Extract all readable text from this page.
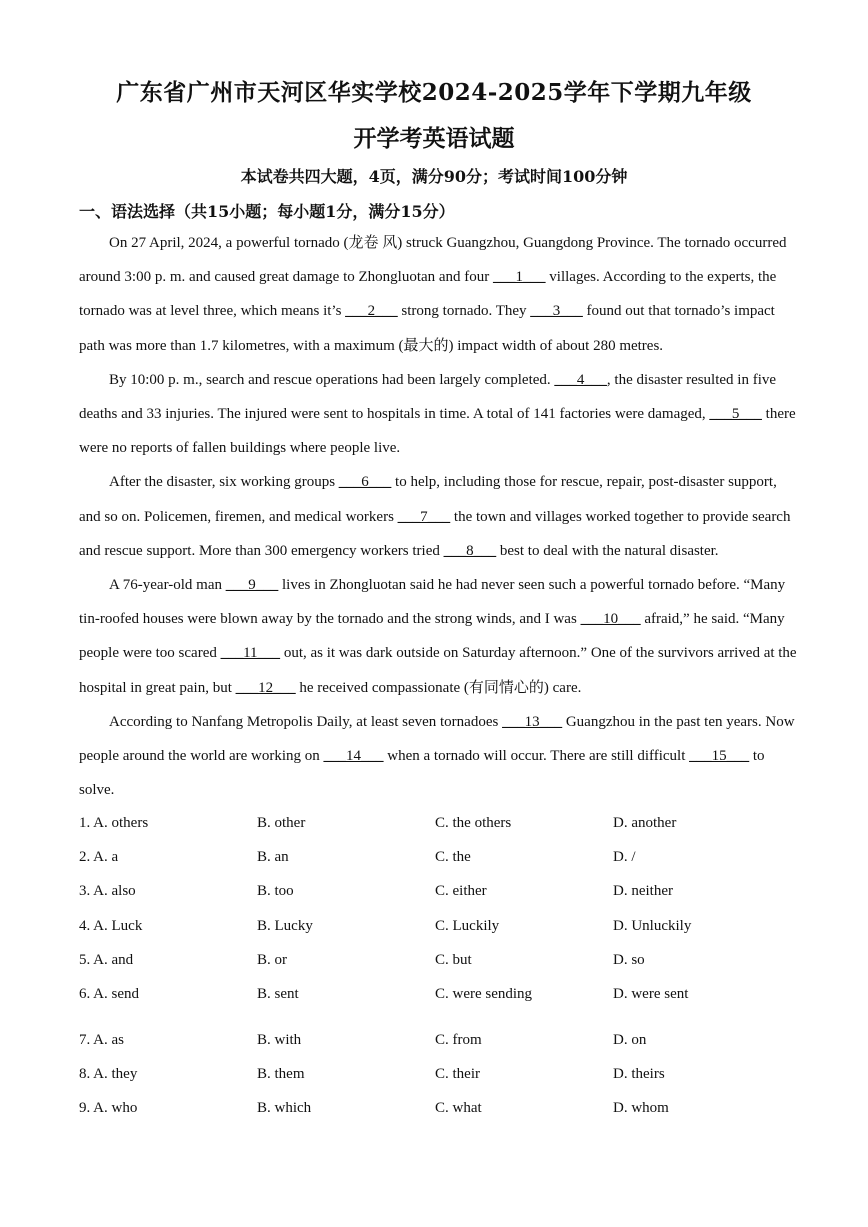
广东省广州市天河区华实学校2024-2025学年下学期九年级
开学考英语试题
本试卷共四大题，4页，满分90分；考试时间100分钟
一、语法选择（共15小题；每小题1分，满分15分）

On 27 April, 2024, a powerful tornado (龙卷 风) struck Guangzhou, Guangdong Province. The tornado occurred around 3:00 p. m. and caused great damage to Zhongluotan and four ___1___ villages. According to the experts, the tornado was at level three, which means it’s ___2___ strong tornado. They ___3___ found out that tornado’s impact path was more than 1.7 kilometres, with a maximum (最大的) impact width of about 280 metres.

By 10:00 p. m., search and rescue operations had been largely completed. ___4___, the disaster resulted in five deaths and 33 injuries. The injured were sent to hospitals in time. A total of 141 factories were damaged, ___5___ there were no reports of fallen buildings where people live.

After the disaster, six working groups ___6___ to help, including those for rescue, repair, post-disaster support, and so on. Policemen, firemen, and medical workers ___7___ the town and villages worked together to provide search and rescue support. More than 300 emergency workers tried ___8___ best to deal with the natural disaster.

A 76-year-old man ___9___ lives in Zhongluotan said he had never seen such a powerful tornado before. “Many tin-roofed houses were blown away by the tornado and the strong winds, and I was ___10___ afraid,” he said. “Many people were too scared ___11___ out, as it was dark outside on Saturday afternoon.” One of the survivors arrived at the hospital in great pain, but ___12___ he received compassionate (有同情心的) care.

According to Nanfang Metropolis Daily, at least seven tornadoes ___13___ Guangzhou in the past ten years. Now people around the world are working on ___14___ when a tornado will occur. There are still difficult ___15___ to solve.

1. A. others	B. other	C. the others	D. another
2. A. a	B. an	C. the	D. /
3. A. also	B. too	C. either	D. neither
4. A. Luck	B. Lucky	C. Luckily	D. Unluckily
5. A. and	B. or	C. but	D. so
6. A. send	B. sent	C. were sending	D. were sent
7. A. as	B. with	C. from	D. on
8. A. they	B. them	C. their	D. theirs
9. A. who	B. which	C. what	D. whom
